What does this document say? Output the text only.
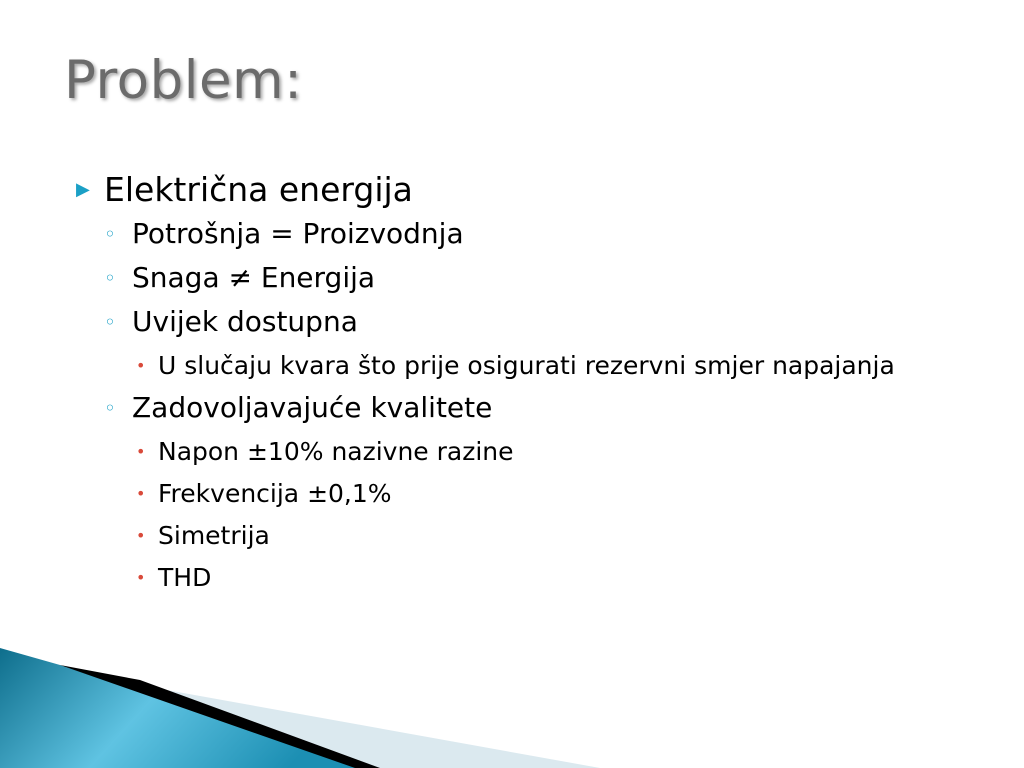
Problem:
▶ Električna energija
◦ Potrošnja = Proizvodnja
◦ Snaga ≠ Energija
◦ Uvijek dostupna
• U slučaju kvara što prije osigurati rezervni smjer napajanja
◦ Zadovoljavajuće kvalitete
• Napon ±10% nazivne razine
• Frekvencija ±0,1%
• Simetrija
• THD
